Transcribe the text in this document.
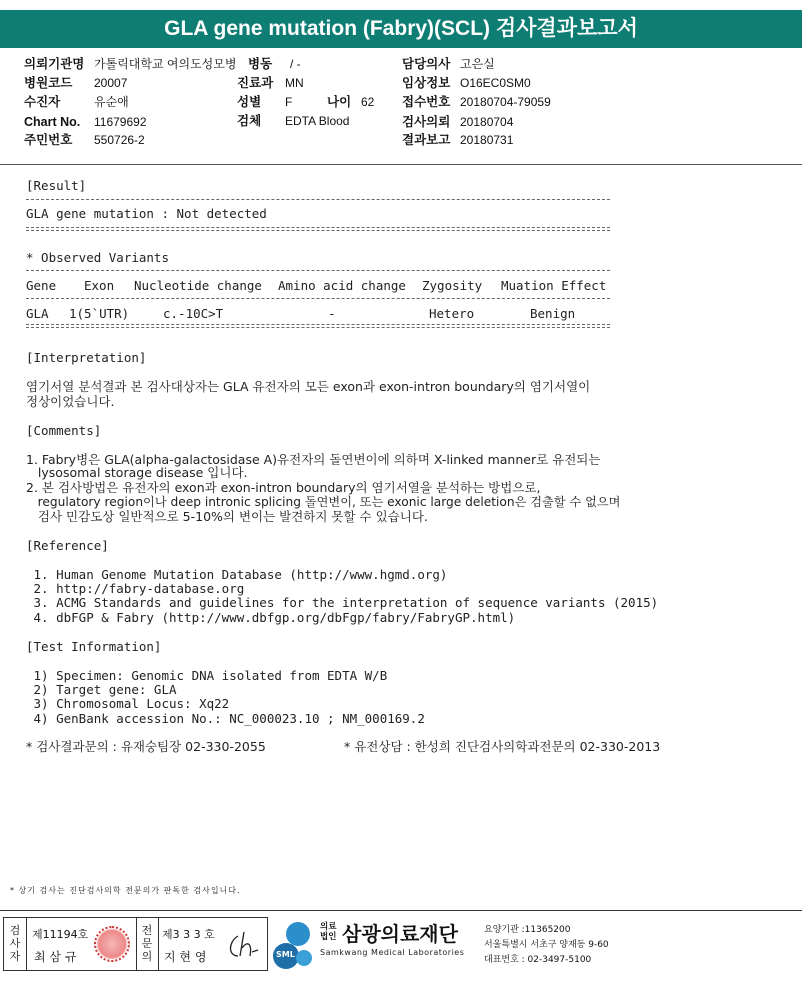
GLA gene mutation (Fabry)(SCL) 검사결과보고서
의뢰기관명 가톨릭대학교 여의도성모병 병동 / -	담당의사 고은실
병원코드 20007	진료과 MN	임상정보 O16EC0SM0
수진자	유순애	성별 F	나이 62 접수번호 20180704-79059
Chart No. 11679692	검체 EDTA Blood	검사의뢰 20180704
주민번호 550726-2	결과보고 20180731
[Result]
GLA gene mutation : Not detected
* Observed Variants
Gene Exon Nucleotide change Amino acid change Zygosity Muation Effect
GLA 1(5`UTR)	c.-10C>T	-	Hetero	Benign
[Interpretation]
염기서열 분석결과 본 검사대상자는 GLA 유전자의 모든 exon과 exon-intron boundary의 염기서열이
정상이었습니다.
[Comments]
1. Fabry병은 GLA(alpha-galactosidase A)유전자의 돌연변이에 의하며 X-linked manner로 유전되는
lysosomal storage disease 입니다.
2. 본 검사방법은 유전자의 exon과 exon-intron boundary의 염기서열을 분석하는 방법으로,
regulatory region이나 deep intronic splicing 돌연변이, 또는 exonic large deletion은 검출할 수 없으며
검사 민감도상 일반적으로 5-10%의 변이는 발견하지 못할 수 있습니다.
[Reference]
1. Human Genome Mutation Database (http://www.hgmd.org)
2. http://fabry-database.org
3. ACMG Standards and guidelines for the interpretation of sequence variants (2015)
4. dbFGP & Fabry (http://www.dbfgp.org/dbFgp/fabry/FabryGP.html)
[Test Information]
1) Specimen: Genomic DNA isolated from EDTA W/B
2) Target gene: GLA
3) Chromosomal Locus: Xq22
4) GenBank accession No.: NC_000023.10 ; NM_000169.2
* 검사결과문의 : 유재숭팀장 02-330-2055	* 유전상담 : 한성희 진단검사의학과전문의 02-330-2013
* 상기 검사는 진단검사의학 전문의가 판독한 검사입니다.
검
사
자
제11194호
최 삼 규
전
문
의
제3 3 3 호
지 현 영	SML
의료
법인 삼광의료재단
Samkwang Medical Laboratories
요양기관 :11365200
서울특별시 서초구 양재동 9-60
대표번호 : 02-3497-5100
